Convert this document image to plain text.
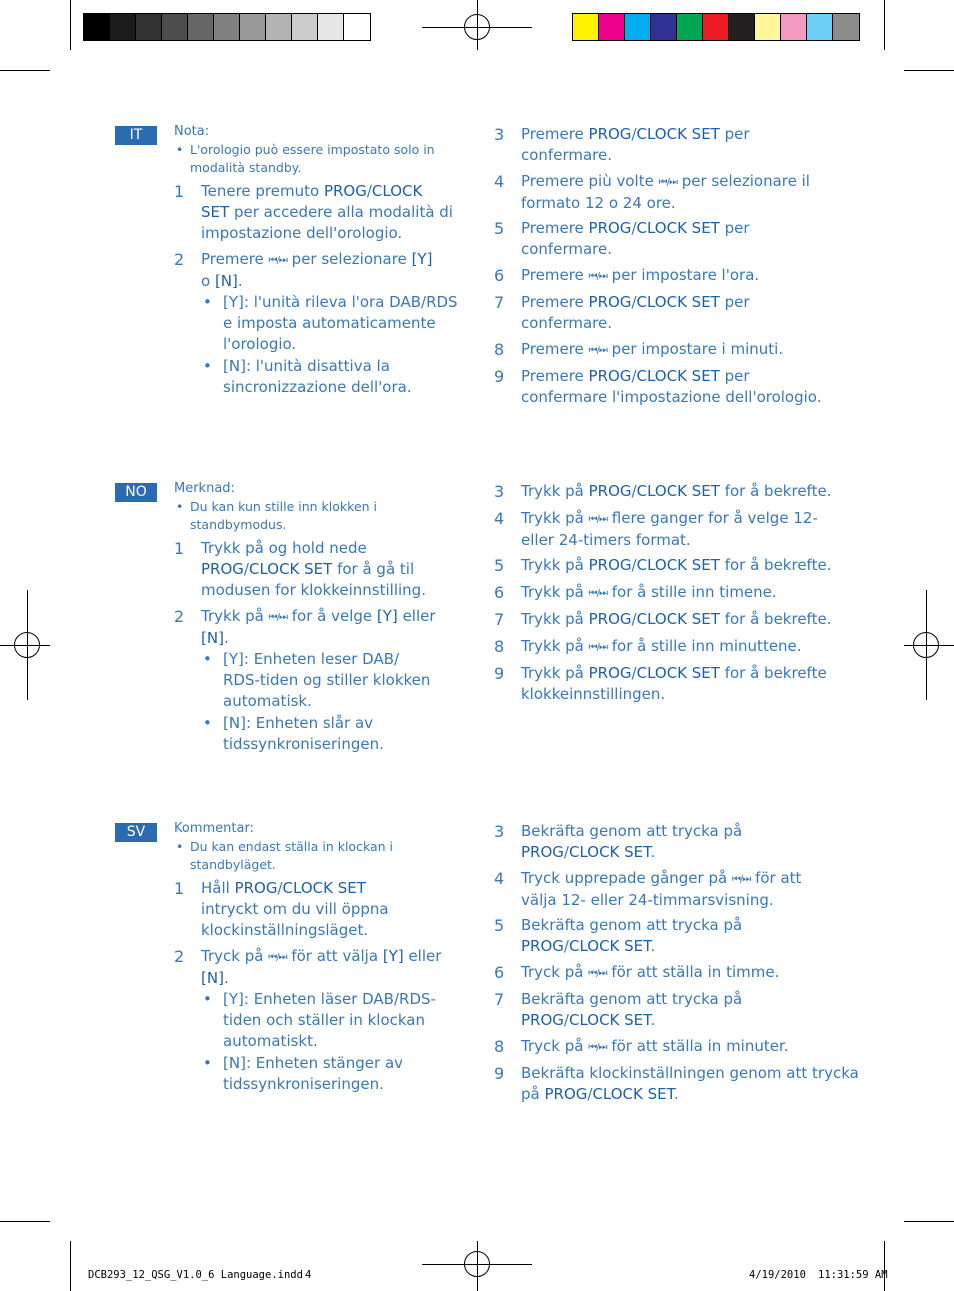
IT	Nota:
• L'orologio può essere impostato solo in
modalità standby.
1 Tenere premuto PROG/CLOCK
SET per accedere alla modalità di
impostazione dell'orologio.
2 Premere ⏮/⏭ per selezionare [Y]
o [N].
• [Y]: l'unità rileva l'ora DAB/RDS
e imposta automaticamente
l'orologio.
• [N]: l'unità disattiva la
sincronizzazione dell'ora.
3 Premere PROG/CLOCK SET per
confermare.
4 Premere più volte ⏮/⏭ per selezionare il
formato 12 o 24 ore.
5 Premere PROG/CLOCK SET per
confermare.
6 Premere ⏮/⏭ per impostare l'ora.
7 Premere PROG/CLOCK SET per
confermare.
8 Premere ⏮/⏭ per impostare i minuti.
9 Premere PROG/CLOCK SET per
confermare l'impostazione dell'orologio.
NO	Merknad:
• Du kan kun stille inn klokken i
standbymodus.
1 Trykk på og hold nede
PROG/CLOCK SET for å gå til
modusen for klokkeinnstilling.
2 Trykk på ⏮/⏭ for å velge [Y] eller
[N].
• [Y]: Enheten leser DAB/
RDS-tiden og stiller klokken
automatisk.
• [N]: Enheten slår av
tidssynkroniseringen.
3 Trykk på PROG/CLOCK SET for å bekrefte.
4 Trykk på ⏮/⏭ flere ganger for å velge 12-
eller 24-timers format.
5 Trykk på PROG/CLOCK SET for å bekrefte.
6 Trykk på ⏮/⏭ for å stille inn timene.
7 Trykk på PROG/CLOCK SET for å bekrefte.
8 Trykk på ⏮/⏭ for å stille inn minuttene.
9 Trykk på PROG/CLOCK SET for å bekrefte
klokkeinnstillingen.
SV	Kommentar:
• Du kan endast ställa in klockan i
standbyläget.
1 Håll PROG/CLOCK SET
intryckt om du vill öppna
klockinställningsläget.
2 Tryck på ⏮/⏭ för att välja [Y] eller
[N].
• [Y]: Enheten läser DAB/RDS-
tiden och ställer in klockan
automatiskt.
• [N]: Enheten stänger av
tidssynkroniseringen.
3 Bekräfta genom att trycka på
PROG/CLOCK SET.
4 Tryck upprepade gånger på ⏮/⏭ för att
välja 12- eller 24-timmarsvisning.
5 Bekräfta genom att trycka på
PROG/CLOCK SET.
6 Tryck på ⏮/⏭ för att ställa in timme.
7 Bekräfta genom att trycka på
PROG/CLOCK SET.
8 Tryck på ⏮/⏭ för att ställa in minuter.
9 Bekräfta klockinställningen genom att trycka
på PROG/CLOCK SET.
DCB293_12_QSG_V1.0_6 Language.indd 4	4/19/2010 11:31:59 AM
